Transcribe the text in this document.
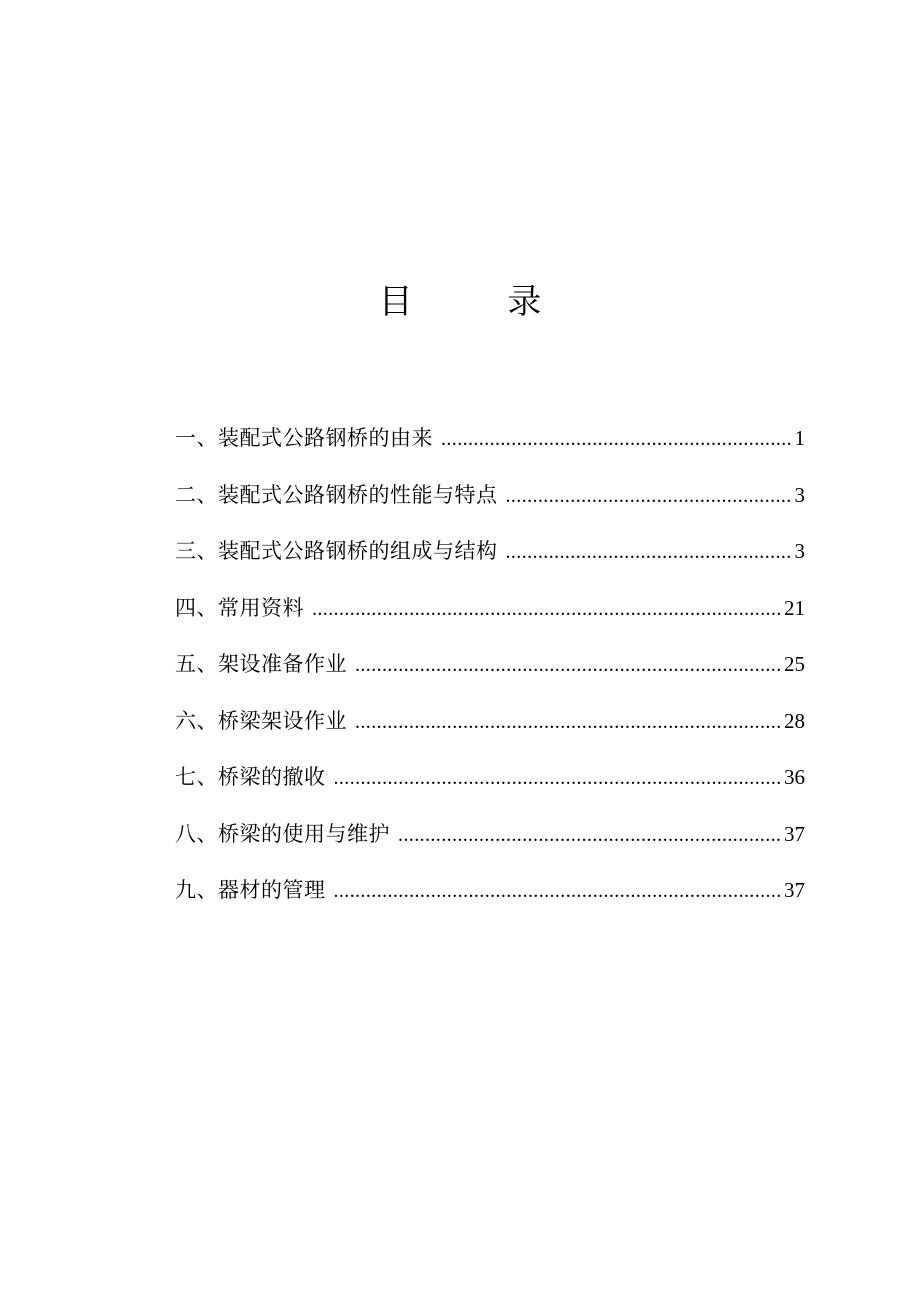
目 录
一、装配式公路钢桥的由来 .....	1
二、装配式公路钢桥的性能与特点 .....	3
三、装配式公路钢桥的组成与结构 .....	3
四、常用资料 .....	21
五、架设准备作业 .....	25
六、桥梁架设作业 .....	28
七、桥梁的撤收 .....	36
八、桥梁的使用与维护 .....	37
九、器材的管理 .....	37
